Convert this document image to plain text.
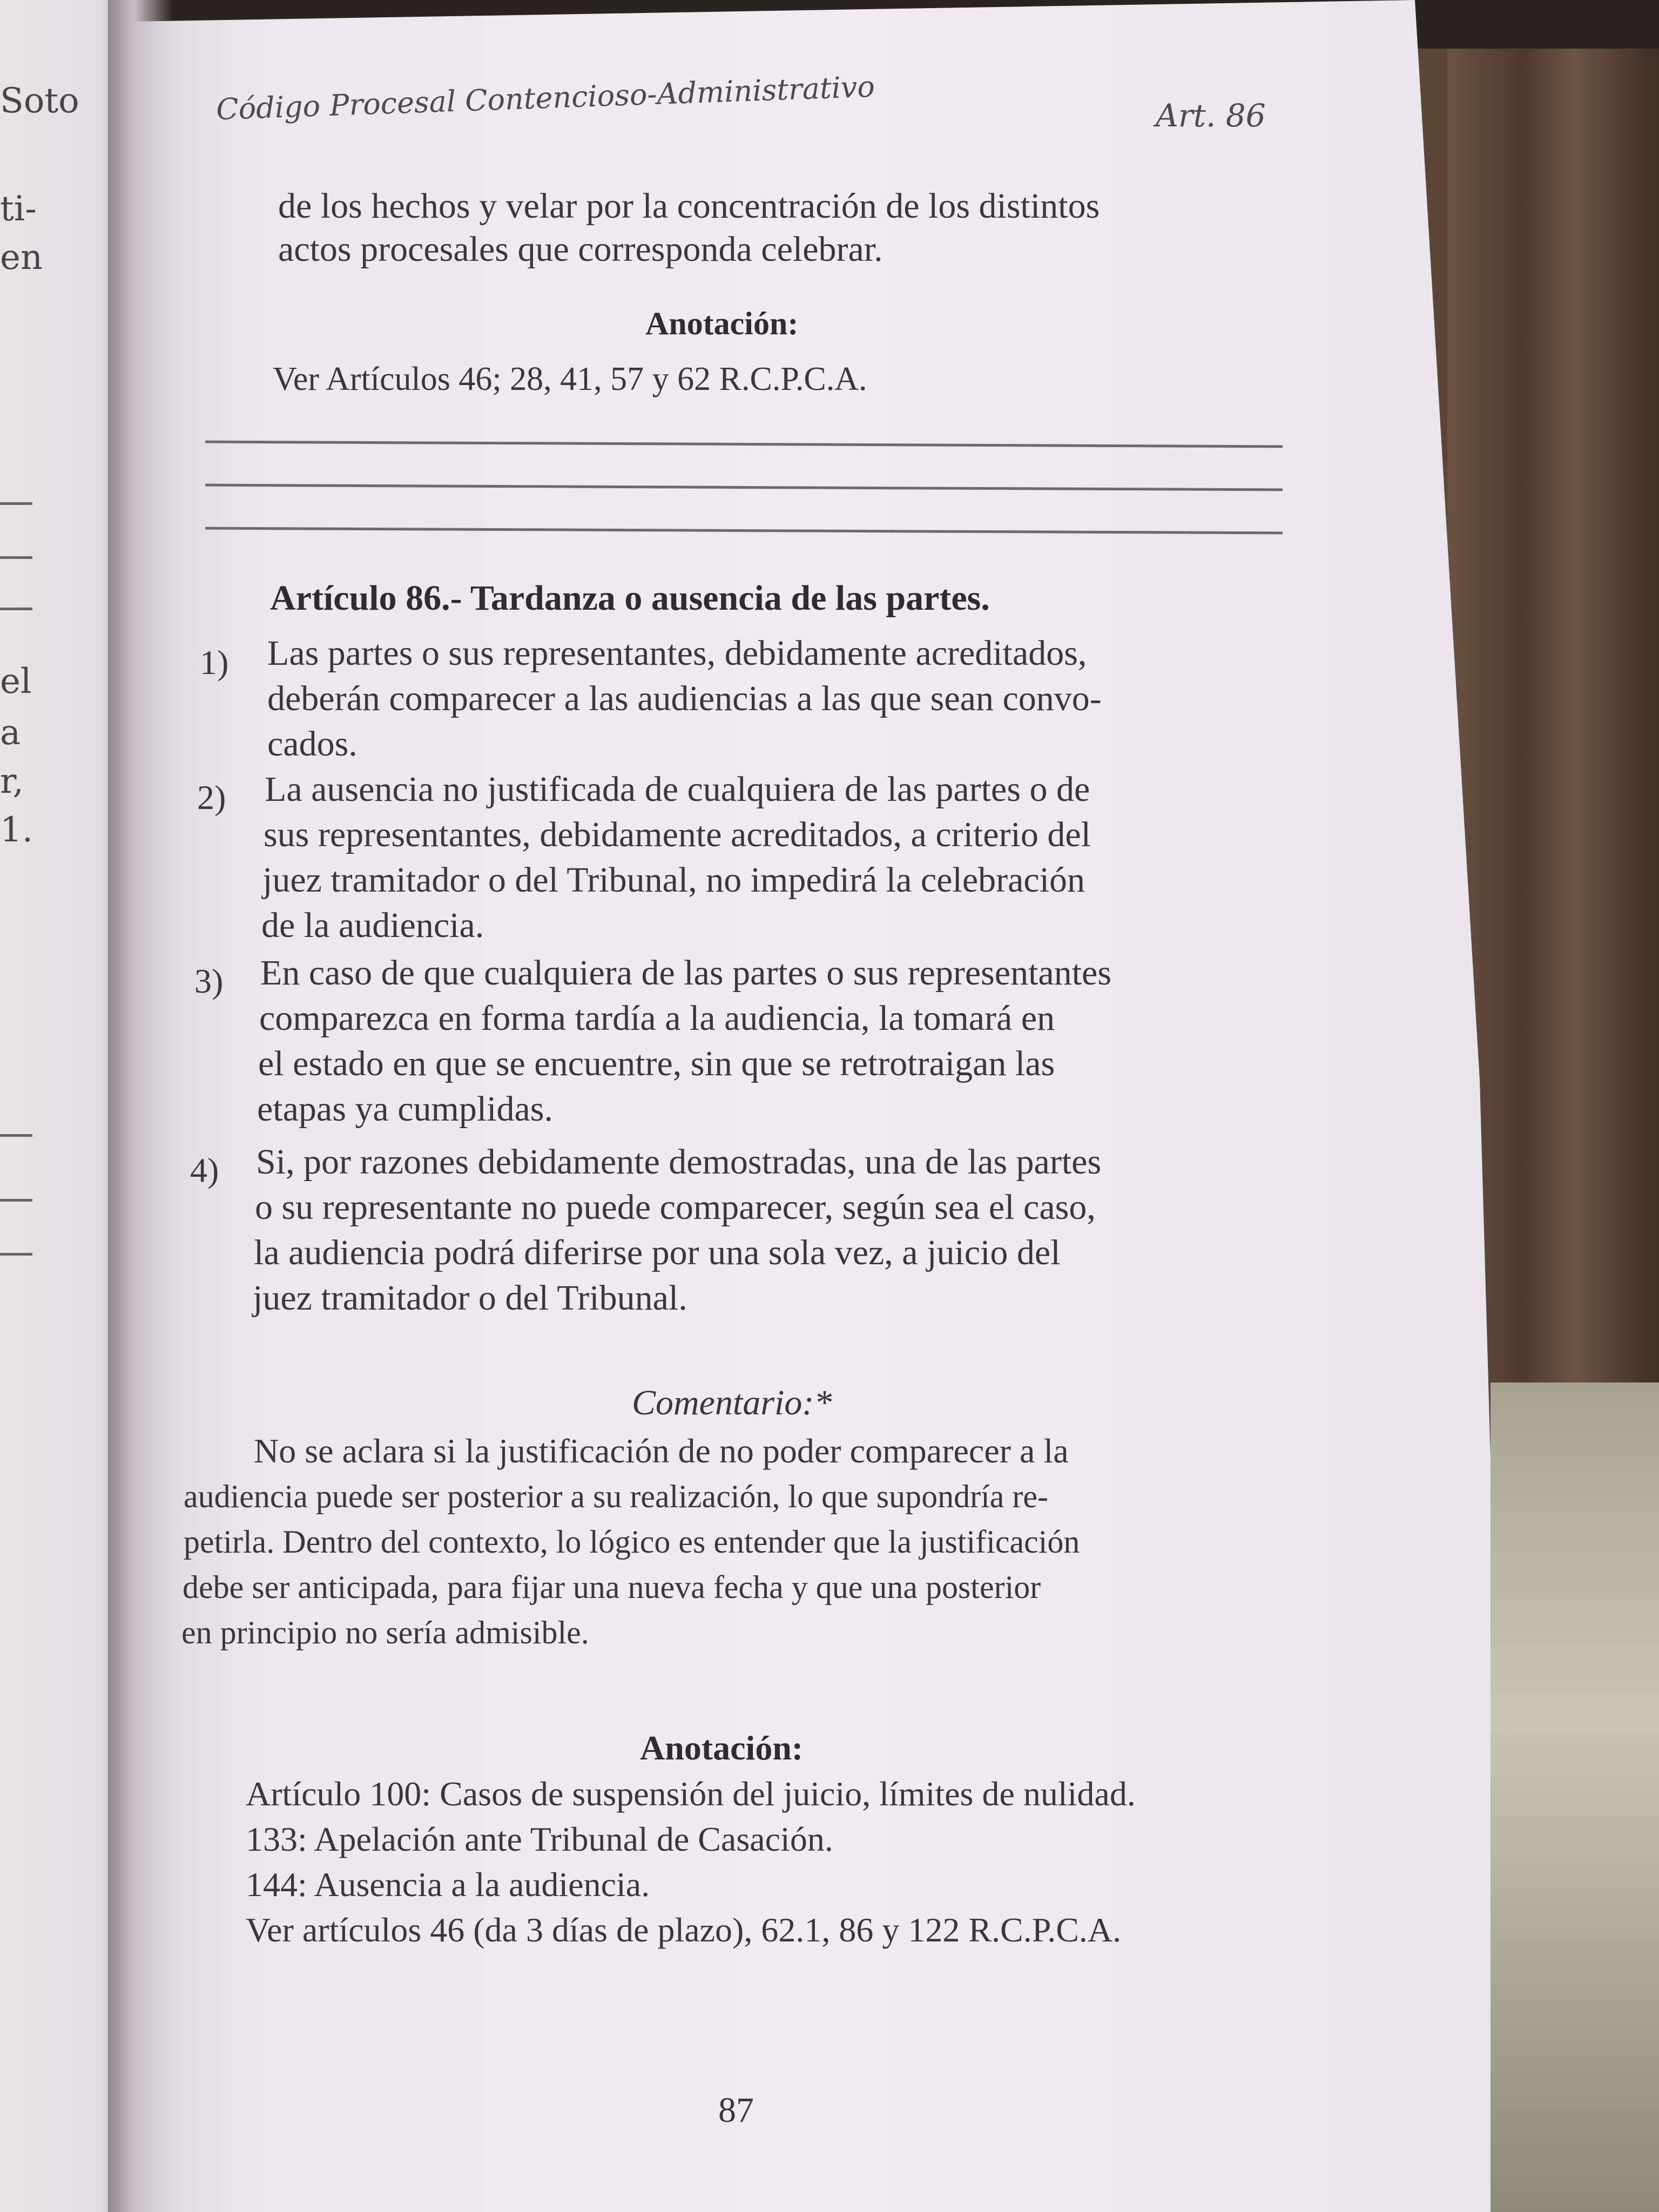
Soto
ti-
en
el
a
r,
1.
Código Procesal Contencioso-Administrativo	Art. 86
de los hechos y velar por la concentración de los distintos
actos procesales que corresponda celebrar.
Anotación:
Ver Artículos 46; 28, 41, 57 y 62 R.C.P.C.A.
Artículo 86.- Tardanza o ausencia de las partes.
1) Las partes o sus representantes, debidamente acreditados,
deberán comparecer a las audiencias a las que sean convo-
cados.
2) La ausencia no justificada de cualquiera de las partes o de
sus representantes, debidamente acreditados, a criterio del
juez tramitador o del Tribunal, no impedirá la celebración
de la audiencia.
3) En caso de que cualquiera de las partes o sus representantes
comparezca en forma tardía a la audiencia, la tomará en
el estado en que se encuentre, sin que se retrotraigan las
etapas ya cumplidas.
4) Si, por razones debidamente demostradas, una de las partes
o su representante no puede comparecer, según sea el caso,
la audiencia podrá diferirse por una sola vez, a juicio del
juez tramitador o del Tribunal.
Comentario:*
No se aclara si la justificación de no poder comparecer a la
audiencia puede ser posterior a su realización, lo que supondría re-
petirla. Dentro del contexto, lo lógico es entender que la justificación
debe ser anticipada, para fijar una nueva fecha y que una posterior
en principio no sería admisible.
Anotación:
Artículo 100: Casos de suspensión del juicio, límites de nulidad.
133: Apelación ante Tribunal de Casación.
144: Ausencia a la audiencia.
Ver artículos 46 (da 3 días de plazo), 62.1, 86 y 122 R.C.P.C.A.
87
